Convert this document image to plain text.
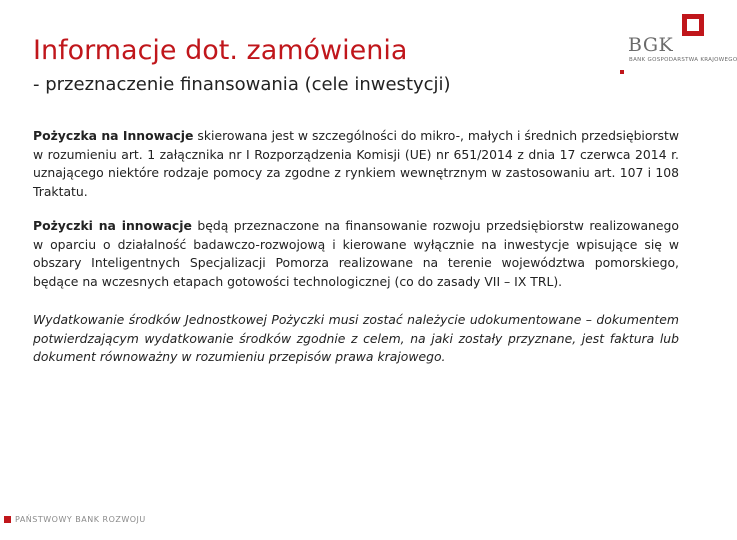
Informacje dot. zamówienia
- przeznaczenie finansowania (cele inwestycji)
BGK
BANK GOSPODARSTWA KRAJOWEGO

Pożyczka na Innowacje skierowana jest w szczególności do mikro-, małych i średnich przedsiębiorstw w rozumieniu art. 1 załącznika nr I Rozporządzenia Komisji (UE) nr 651/2014 z dnia 17 czerwca 2014 r. uznającego niektóre rodzaje pomocy za zgodne z rynkiem wewnętrznym w zastosowaniu art. 107 i 108 Traktatu.

Pożyczki na innowacje będą przeznaczone na finansowanie rozwoju przedsiębiorstw realizowanego w oparciu o działalność badawczo-rozwojową i kierowane wyłącznie na inwestycje wpisujące się w obszary Inteligentnych Specjalizacji Pomorza realizowane na terenie województwa pomorskiego, będące na wczesnych etapach gotowości technologicznej (co do zasady VII – IX TRL).

Wydatkowanie środków Jednostkowej Pożyczki musi zostać należycie udokumentowane – dokumentem potwierdzającym wydatkowanie środków zgodnie z celem, na jaki zostały przyznane, jest faktura lub dokument równoważny w rozumieniu przepisów prawa krajowego.

PAŃSTWOWY BANK ROZWOJU
